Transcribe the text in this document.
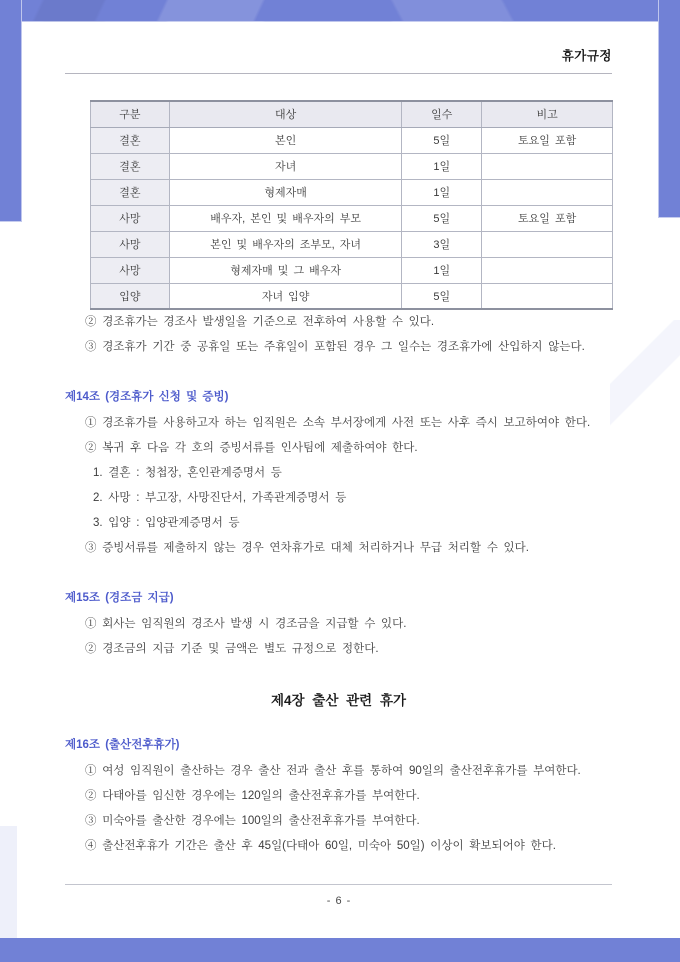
휴가규정
구분	대상	일수	비고
결혼	본인	5일	토요일 포함
결혼	자녀	1일	
결혼	형제자매	1일	
사망	배우자, 본인 및 배우자의 부모	5일	토요일 포함
사망	본인 및 배우자의 조부모, 자녀	3일	
사망	형제자매 및 그 배우자	1일	
입양	자녀 입양	5일	
② 경조휴가는 경조사 발생일을 기준으로 전후하여 사용할 수 있다.
③ 경조휴가 기간 중 공휴일 또는 주휴일이 포함된 경우 그 일수는 경조휴가에 산입하지 않는다.
제14조 (경조휴가 신청 및 증빙)
① 경조휴가를 사용하고자 하는 임직원은 소속 부서장에게 사전 또는 사후 즉시 보고하여야 한다.
② 복귀 후 다음 각 호의 증빙서류를 인사팀에 제출하여야 한다.
1. 결혼 : 청첩장, 혼인관계증명서 등
2. 사망 : 부고장, 사망진단서, 가족관계증명서 등
3. 입양 : 입양관계증명서 등
③ 증빙서류를 제출하지 않는 경우 연차휴가로 대체 처리하거나 무급 처리할 수 있다.
제15조 (경조금 지급)
① 회사는 임직원의 경조사 발생 시 경조금을 지급할 수 있다.
② 경조금의 지급 기준 및 금액은 별도 규정으로 정한다.
제4장 출산 관련 휴가
제16조 (출산전후휴가)
① 여성 임직원이 출산하는 경우 출산 전과 출산 후를 통하여 90일의 출산전후휴가를 부여한다.
② 다태아를 임신한 경우에는 120일의 출산전후휴가를 부여한다.
③ 미숙아를 출산한 경우에는 100일의 출산전후휴가를 부여한다.
④ 출산전후휴가 기간은 출산 후 45일(다태아 60일, 미숙아 50일) 이상이 확보되어야 한다.
- 6 -
